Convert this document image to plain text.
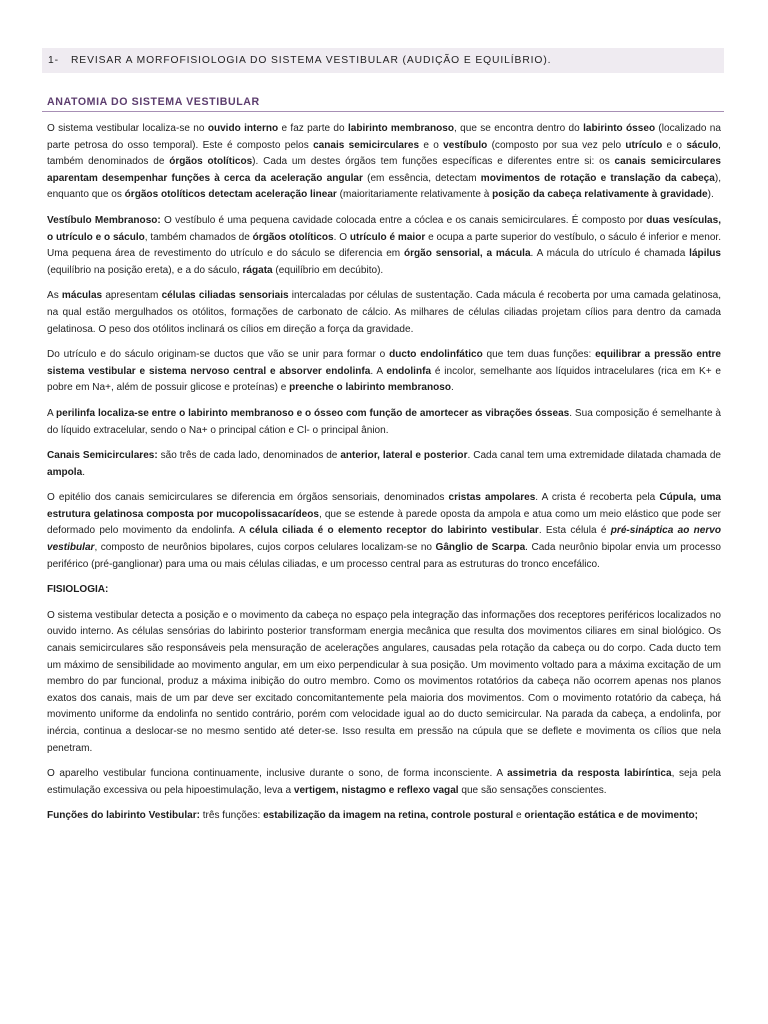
1- REVISAR A MORFOFISIOLOGIA DO SISTEMA VESTIBULAR (AUDIÇÃO E EQUILÍBRIO).
ANATOMIA DO SISTEMA VESTIBULAR

O sistema vestibular localiza-se no ouvido interno e faz parte do labirinto membranoso, que se encontra dentro do labirinto ósseo (localizado na parte petrosa do osso temporal). Este é composto pelos canais semicirculares e o vestíbulo (composto por sua vez pelo utrículo e o sáculo, também denominados de órgãos otolíticos). Cada um destes órgãos tem funções específicas e diferentes entre si: os canais semicirculares aparentam desempenhar funções à cerca da aceleração angular (em essência, detectam movimentos de rotação e translação da cabeça), enquanto que os órgãos otolíticos detectam aceleração linear (maioritariamente relativamente à posição da cabeça relativamente à gravidade).

Vestíbulo Membranoso: O vestíbulo é uma pequena cavidade colocada entre a cóclea e os canais semicirculares. É composto por duas vesículas, o utrículo e o sáculo, também chamados de órgãos otolíticos. O utrículo é maior e ocupa a parte superior do vestíbulo, o sáculo é inferior e menor. Uma pequena área de revestimento do utrículo e do sáculo se diferencia em órgão sensorial, a mácula. A mácula do utrículo é chamada lápilus (equilíbrio na posição ereta), e a do sáculo, rágata (equilíbrio em decúbito).

As máculas apresentam células ciliadas sensoriais intercaladas por células de sustentação. Cada mácula é recoberta por uma camada gelatinosa, na qual estão mergulhados os otólitos, formações de carbonato de cálcio. As milhares de células ciliadas projetam cílios para dentro da camada gelatinosa. O peso dos otólitos inclinará os cílios em direção a força da gravidade.

Do utrículo e do sáculo originam-se ductos que vão se unir para formar o ducto endolinfático que tem duas funções: equilibrar a pressão entre sistema vestibular e sistema nervoso central e absorver endolinfa. A endolinfa é incolor, semelhante aos líquidos intracelulares (rica em K+ e pobre em Na+, além de possuir glicose e proteínas) e preenche o labirinto membranoso.

A perilinfa localiza-se entre o labirinto membranoso e o ósseo com função de amortecer as vibrações ósseas. Sua composição é semelhante à do líquido extracelular, sendo o Na+ o principal cátion e Cl- o principal ânion.

Canais Semicirculares: são três de cada lado, denominados de anterior, lateral e posterior. Cada canal tem uma extremidade dilatada chamada de ampola.

O epitélio dos canais semicirculares se diferencia em órgãos sensoriais, denominados cristas ampolares. A crista é recoberta pela Cúpula, uma estrutura gelatinosa composta por mucopolissacarídeos, que se estende à parede oposta da ampola e atua como um meio elástico que pode ser deformado pelo movimento da endolinfa. A célula ciliada é o elemento receptor do labirinto vestibular. Esta célula é pré-sináptica ao nervo vestibular, composto de neurônios bipolares, cujos corpos celulares localizam-se no Gânglio de Scarpa. Cada neurônio bipolar envia um processo periférico (pré-ganglionar) para uma ou mais células ciliadas, e um processo central para as estruturas do tronco encefálico.

FISIOLOGIA:

O sistema vestibular detecta a posição e o movimento da cabeça no espaço pela integração das informações dos receptores periféricos localizados no ouvido interno. As células sensórias do labirinto posterior transformam energia mecânica que resulta dos movimentos ciliares em sinal biológico. Os canais semicirculares são responsáveis pela mensuração de acelerações angulares, causadas pela rotação da cabeça ou do corpo. Cada ducto tem um máximo de sensibilidade ao movimento angular, em um eixo perpendicular à sua posição. Um movimento voltado para a máxima excitação de um membro do par funcional, produz a máxima inibição do outro membro. Como os movimentos rotatórios da cabeça não ocorrem apenas nos planos exatos dos canais, mais de um par deve ser excitado concomitantemente pela maioria dos movimentos. Com o movimento rotatório da cabeça, há movimento uniforme da endolinfa no sentido contrário, porém com velocidade igual ao do ducto semicircular. Na parada da cabeça, a endolinfa, por inércia, continua a deslocar-se no mesmo sentido até deter-se. Isso resulta em pressão na cúpula que se deflete e movimenta os cílios que nela penetram.

O aparelho vestibular funciona continuamente, inclusive durante o sono, de forma inconsciente. A assimetria da resposta labiríntica, seja pela estimulação excessiva ou pela hipoestimulação, leva a vertigem, nistagmo e reflexo vagal que são sensações conscientes.

Funções do labirinto Vestibular: três funções: estabilização da imagem na retina, controle postural e orientação estática e de movimento;
